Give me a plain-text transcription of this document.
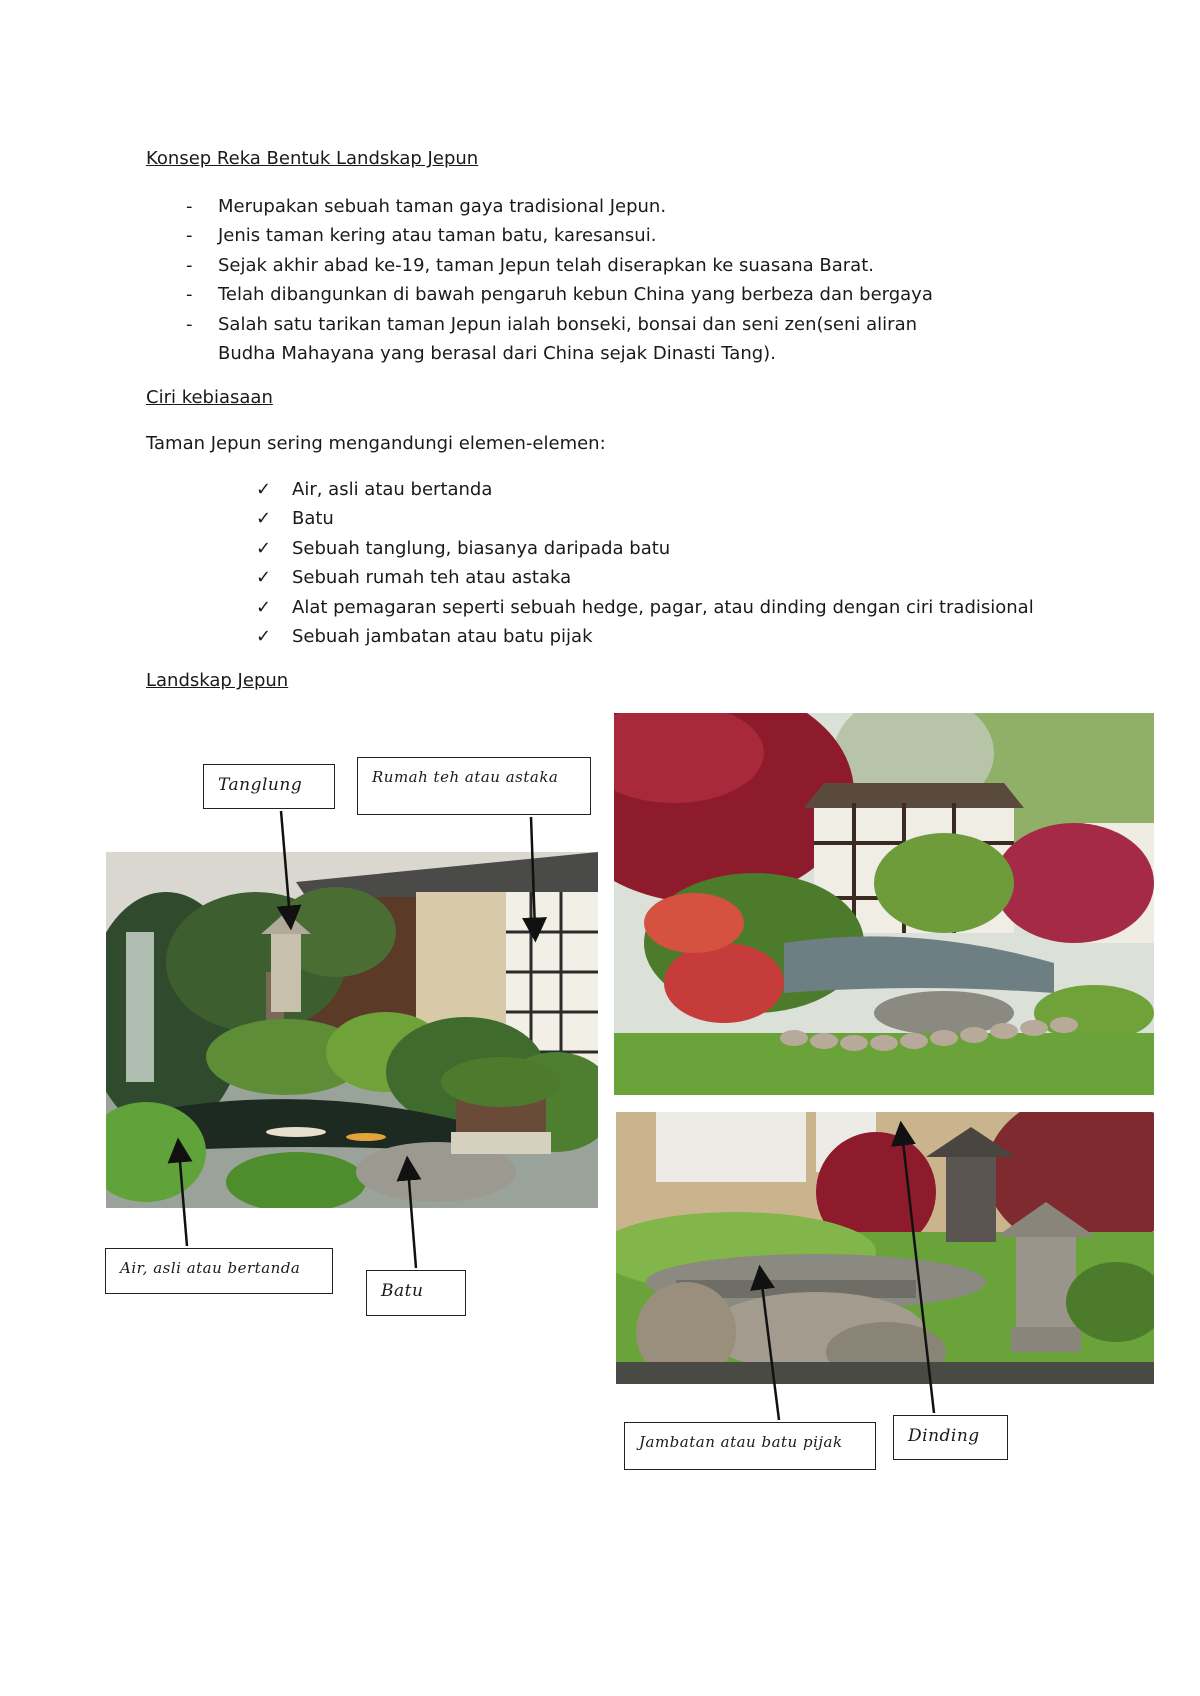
Konsep Reka Bentuk Landskap Jepun
- Merupakan sebuah taman gaya tradisional Jepun.
- Jenis taman kering atau taman batu, karesansui.
- Sejak akhir abad ke-19, taman Jepun telah diserapkan ke suasana Barat.
- Telah dibangunkan di bawah pengaruh kebun China yang berbeza dan bergaya
- Salah satu tarikan taman Jepun ialah bonseki, bonsai dan seni zen(seni aliran Budha Mahayana yang berasal dari China sejak Dinasti Tang).
Ciri kebiasaan
Taman Jepun sering mengandungi elemen-elemen:
✓ Air, asli atau bertanda
✓ Batu
✓ Sebuah tanglung, biasanya daripada batu
✓ Sebuah rumah teh atau astaka
✓ Alat pemagaran seperti sebuah hedge, pagar, atau dinding dengan ciri tradisional
✓ Sebuah jambatan atau batu pijak
Landskap Jepun
Tanglung	Rumah teh atau astaka
Air, asli atau bertanda
Batu
Jambatan atau batu pijak	Dinding
